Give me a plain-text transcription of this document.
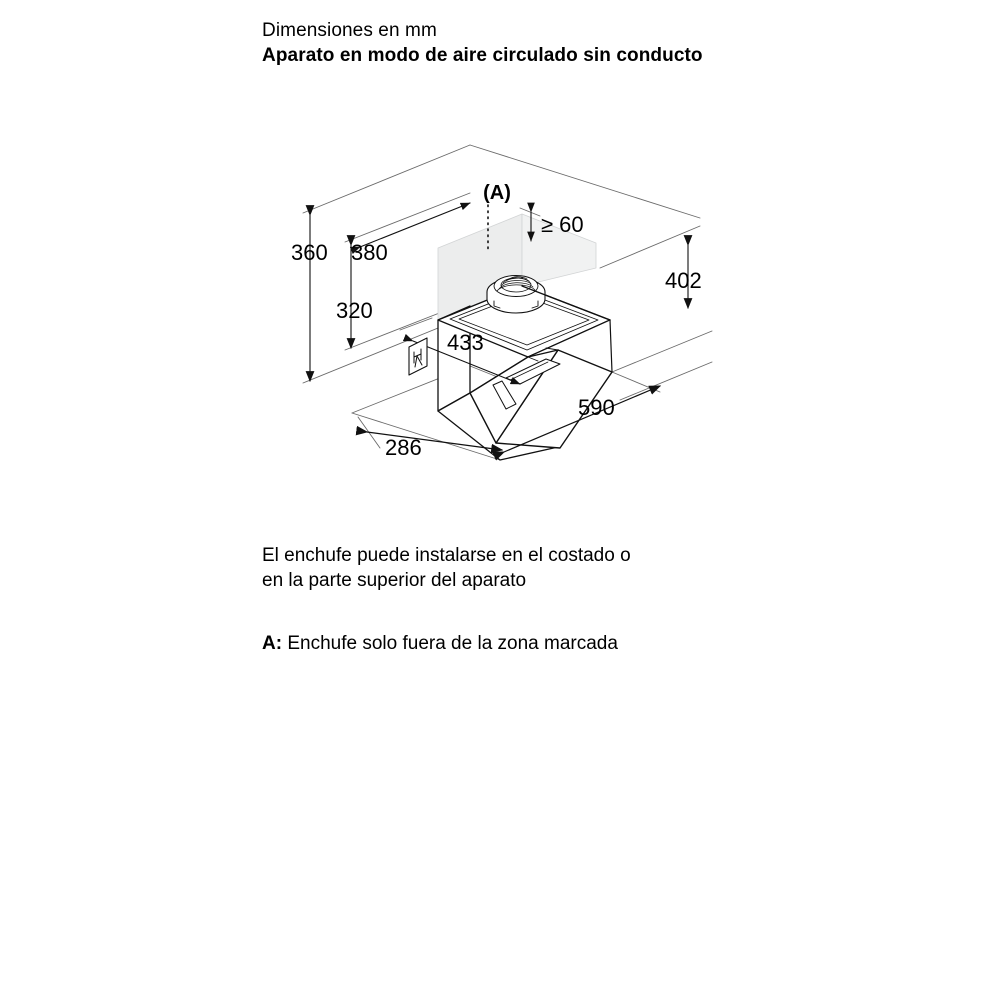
Dimensiones en mm
Aparato en modo de aire circulado sin conducto
360 380
≥ 60
320
402
433
590
286
(A)
El enchufe puede instalarse en el costado o
en la parte superior del aparato
A: Enchufe solo fuera de la zona marcada
